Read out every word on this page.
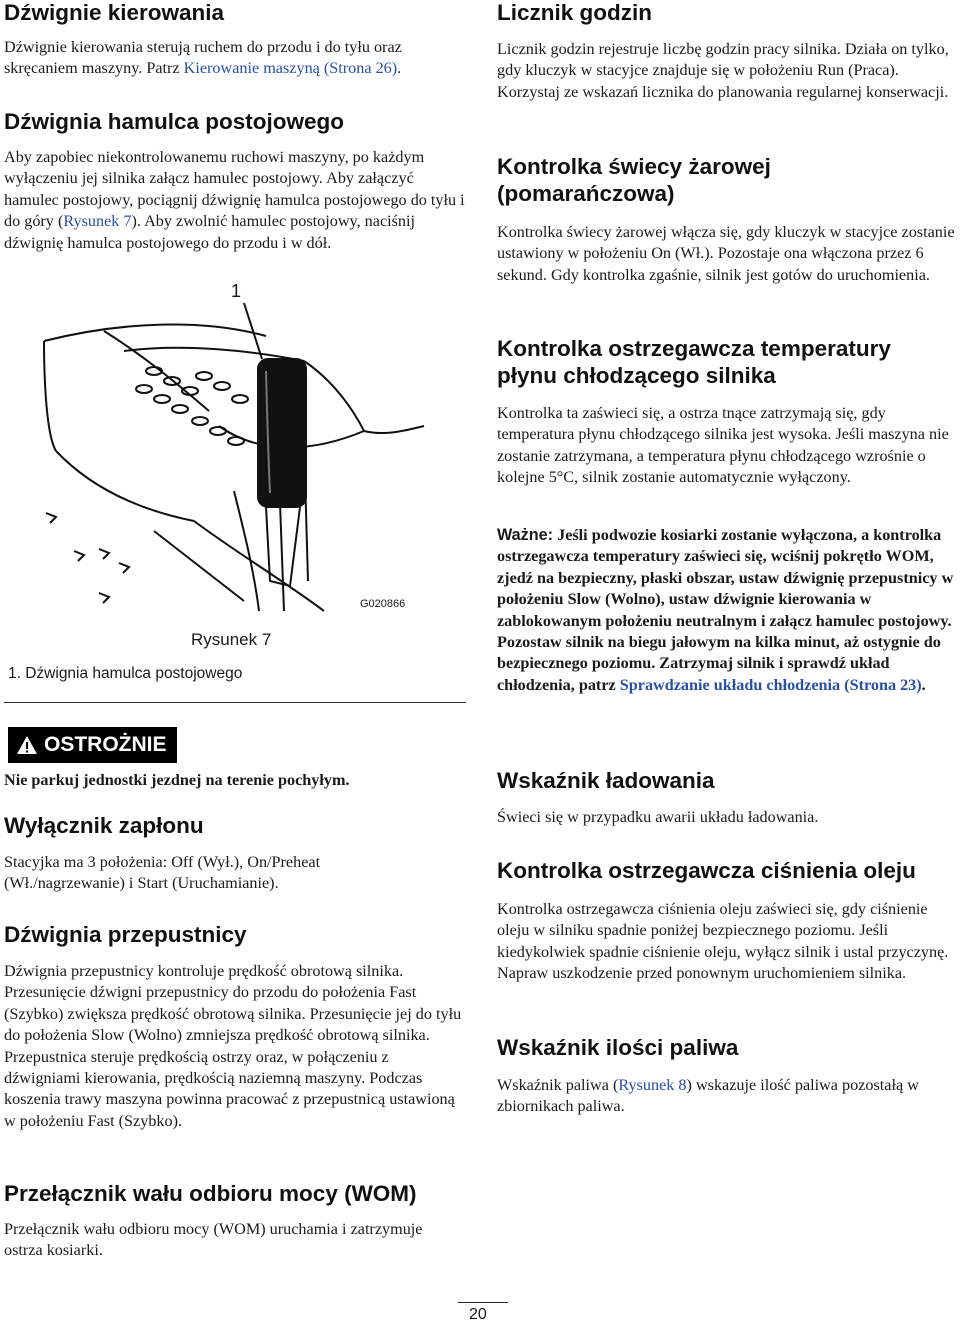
Dźwignie kierowania

Dźwignie kierowania sterują ruchem do przodu i do tyłu oraz skręcaniem maszyny. Patrz Kierowanie maszyną (Strona 26).

Dźwignia hamulca postojowego

Aby zapobiec niekontrolowanemu ruchowi maszyny, po każdym wyłączeniu jej silnika załącz hamulec postojowy. Aby załączyć hamulec postojowy, pociągnij dźwignię hamulca postojowego do tyłu i do góry (Rysunek 7). Aby zwolnić hamulec postojowy, naciśnij dźwignię hamulca postojowego do przodu i w dół.

1
G020866
Rysunek 7
1. Dźwignia hamulca postojowego
OSTROŻNIE

Nie parkuj jednostki jezdnej na terenie pochyłym.

Wyłącznik zapłonu

Stacyjka ma 3 położenia: Off (Wył.), On/Preheat (Wł./nagrzewanie) i Start (Uruchamianie).

Dźwignia przepustnicy

Dźwignia przepustnicy kontroluje prędkość obrotową silnika. Przesunięcie dźwigni przepustnicy do przodu do położenia Fast (Szybko) zwiększa prędkość obrotową silnika. Przesunięcie jej do tyłu do położenia Slow (Wolno) zmniejsza prędkość obrotową silnika. Przepustnica steruje prędkością ostrzy oraz, w połączeniu z dźwigniami kierowania, prędkością naziemną maszyny. Podczas koszenia trawy maszyna powinna pracować z przepustnicą ustawioną w położeniu Fast (Szybko).

Przełącznik wału odbioru mocy (WOM)

Przełącznik wału odbioru mocy (WOM) uruchamia i zatrzymuje ostrza kosiarki.

Licznik godzin

Licznik godzin rejestruje liczbę godzin pracy silnika. Działa on tylko, gdy kluczyk w stacyjce znajduje się w położeniu Run (Praca). Korzystaj ze wskazań licznika do planowania regularnej konserwacji.

Kontrolka świecy żarowej (pomarańczowa)

Kontrolka świecy żarowej włącza się, gdy kluczyk w stacyjce zostanie ustawiony w położeniu On (Wł.). Pozostaje ona włączona przez 6 sekund. Gdy kontrolka zgaśnie, silnik jest gotów do uruchomienia.

Kontrolka ostrzegawcza temperatury płynu chłodzącego silnika

Kontrolka ta zaświeci się, a ostrza tnące zatrzymają się, gdy temperatura płynu chłodzącego silnika jest wysoka. Jeśli maszyna nie zostanie zatrzymana, a temperatura płynu chłodzącego wzrośnie o kolejne 5°C, silnik zostanie automatycznie wyłączony.

Ważne: Jeśli podwozie kosiarki zostanie wyłączona, a kontrolka ostrzegawcza temperatury zaświeci się, wciśnij pokrętło WOM, zjedź na bezpieczny, płaski obszar, ustaw dźwignię przepustnicy w położeniu Slow (Wolno), ustaw dźwignie kierowania w zablokowanym położeniu neutralnym i załącz hamulec postojowy. Pozostaw silnik na biegu jałowym na kilka minut, aż ostygnie do bezpiecznego poziomu. Zatrzymaj silnik i sprawdź układ chłodzenia, patrz Sprawdzanie układu chłodzenia (Strona 23).

Wskaźnik ładowania

Świeci się w przypadku awarii układu ładowania.

Kontrolka ostrzegawcza ciśnienia oleju

Kontrolka ostrzegawcza ciśnienia oleju zaświeci się, gdy ciśnienie oleju w silniku spadnie poniżej bezpiecznego poziomu. Jeśli kiedykolwiek spadnie ciśnienie oleju, wyłącz silnik i ustal przyczynę. Napraw uszkodzenie przed ponownym uruchomieniem silnika.

Wskaźnik ilości paliwa

Wskaźnik paliwa (Rysunek 8) wskazuje ilość paliwa pozostałą w zbiornikach paliwa.

20
